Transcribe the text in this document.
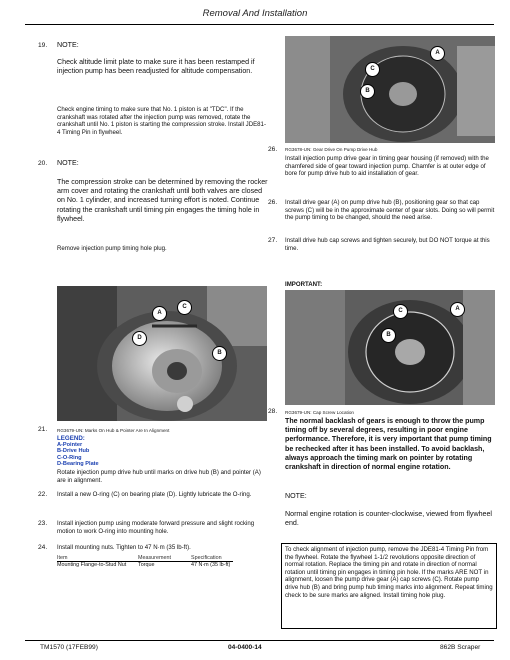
Removal And Installation
19. NOTE:

Check altitude limit plate to make sure it has been restamped if injection pump has been readjusted for altitude compensation.

Check engine timing to make sure that No. 1 piston is at "TDC". If the crankshaft was rotated after the injection pump was removed, rotate the crankshaft until No. 1 piston is starting the compression stroke. Install JDE81-4 Timing Pin in flywheel.

20. NOTE:

The compression stroke can be determined by removing the rocker arm cover and rotating the crankshaft until both valves are closed on No. 1 cylinder, and increased turning effort is noted. Continue rotating the crankshaft until timing pin engages the timing hole in flywheel.

Remove injection pump timing hole plug.

A
D
B
C
21. RG3679-UN: Marks On Hub & Pointer Are In Alignment

LEGEND:

A-Pointer

B-Drive Hub

C-O-Ring

D-Bearing Plate

Rotate injection pump drive hub until marks on drive hub (B) and pointer (A) are in alignment.

22. Install a new O-ring (C) on bearing plate (D). Lightly lubricate the O-ring.

23. Install injection pump using moderate forward pressure and slight rocking motion to work O-ring into mounting hole.

24. Install mounting nuts. Tighten to 47 N·m (35 lb-ft).

Item	Measurement	Specification
Mounting Flange-to-Stud Nut	Torque	47 N·m (35 lb-ft)
A
C
B
26. RG3678-UN: Gear Drive On Pump Drive Hub

Install injection pump drive gear in timing gear housing (if removed) with the chamfered side of gear toward injection pump. Chamfer is at outer edge of bore for pump drive hub to aid installation of gear.

26. Install drive gear (A) on pump drive hub (B), positioning gear so that cap screws (C) will be in the approximate center of gear slots. Doing so will permit the pump timing to be changed, should the need arise.

27. Install drive hub cap screws and tighten securely, but DO NOT torque at this time.

IMPORTANT:
A
C
B
28. RG3679-UN: Cap Screw Location

The normal backlash of gears is enough to throw the pump timing off by several degrees, resulting in poor engine performance. Therefore, it is very important that pump timing be rechecked after it has been installed. To avoid backlash, always approach the timing mark on pointer by rotating crankshaft in direction of normal engine rotation.

NOTE:

Normal engine rotation is counter-clockwise, viewed from flywheel end.

To check alignment of injection pump, remove the JDE81-4 Timing Pin from the flywheel. Rotate the flywheel 1-1/2 revolutions opposite direction of normal rotation. Replace the timing pin and rotate in direction of normal rotation until timing pin engages in timing pin hole. If the marks ARE NOT in alignment, loosen the pump drive gear (A) cap screws (C). Rotate pump drive hub (B) and bring pump hub timing marks into alignment. Repeat timing check to be sure marks are aligned. Install timing hole plug.

TM1570 (17FEB99)	04-0400-14	862B Scraper
